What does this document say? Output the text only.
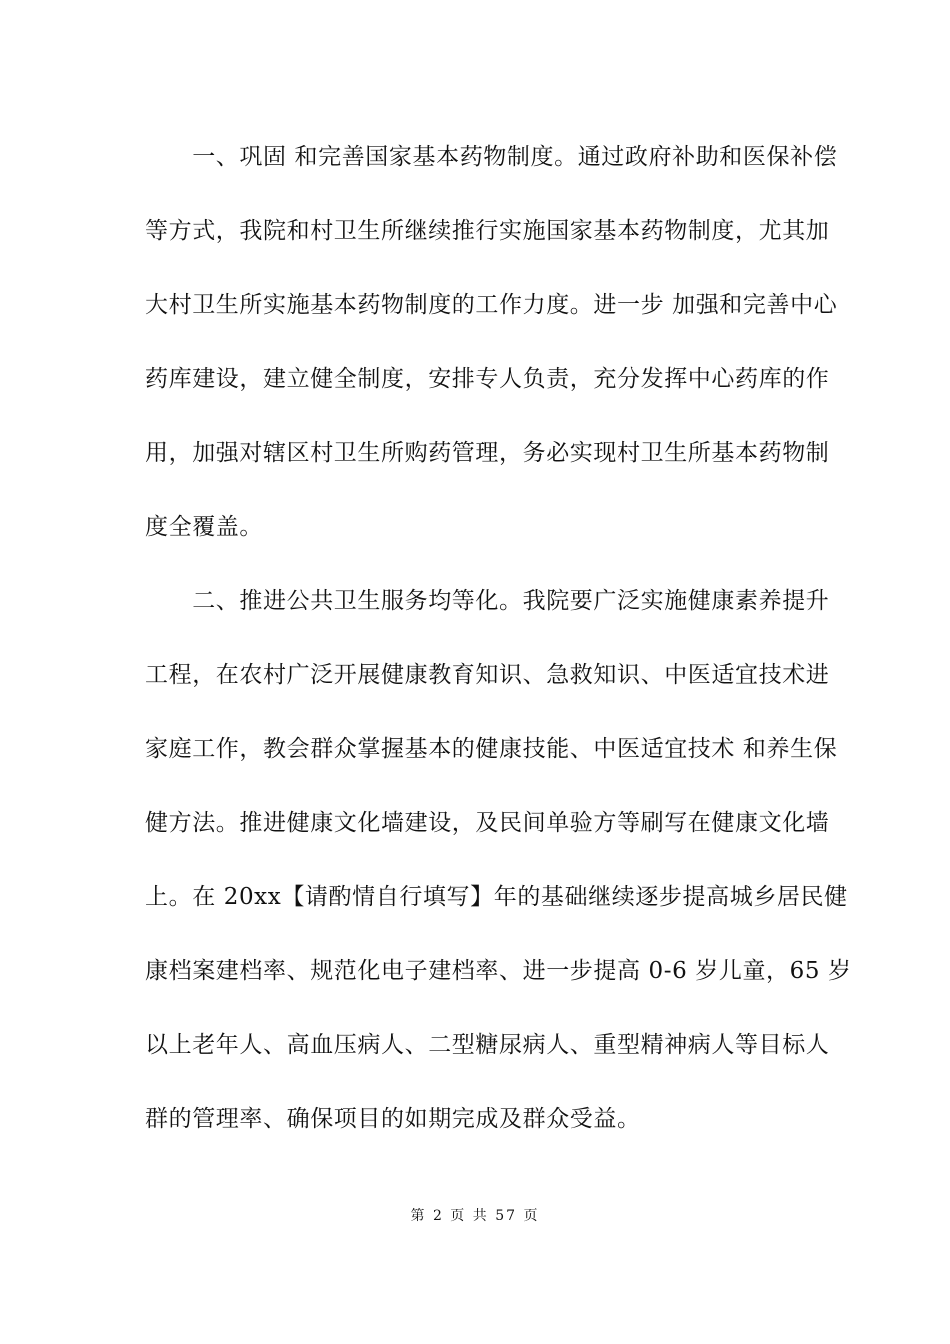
　　一、巩固 和完善国家基本药物制度。通过政府补助和医保补偿
等方式，我院和村卫生所继续推行实施国家基本药物制度，尤其加
大村卫生所实施基本药物制度的工作力度。进一步 加强和完善中心
药库建设，建立健全制度，安排专人负责，充分发挥中心药库的作
用，加强对辖区村卫生所购药管理，务必实现村卫生所基本药物制
度全覆盖。
　　二、推进公共卫生服务均等化。我院要广泛实施健康素养提升
工程，在农村广泛开展健康教育知识、急救知识、中医适宜技术进
家庭工作，教会群众掌握基本的健康技能、中医适宜技术 和养生保
健方法。推进健康文化墙建设，及民间单验方等刷写在健康文化墙
上。在 20xx【请酌情自行填写】年的基础继续逐步提高城乡居民健
康档案建档率、规范化电子建档率、进一步提高 0-6 岁儿童，65 岁
以上老年人、高血压病人、二型糖尿病人、重型精神病人等目标人
群的管理率、确保项目的如期完成及群众受益。
第 2 页 共 57 页
